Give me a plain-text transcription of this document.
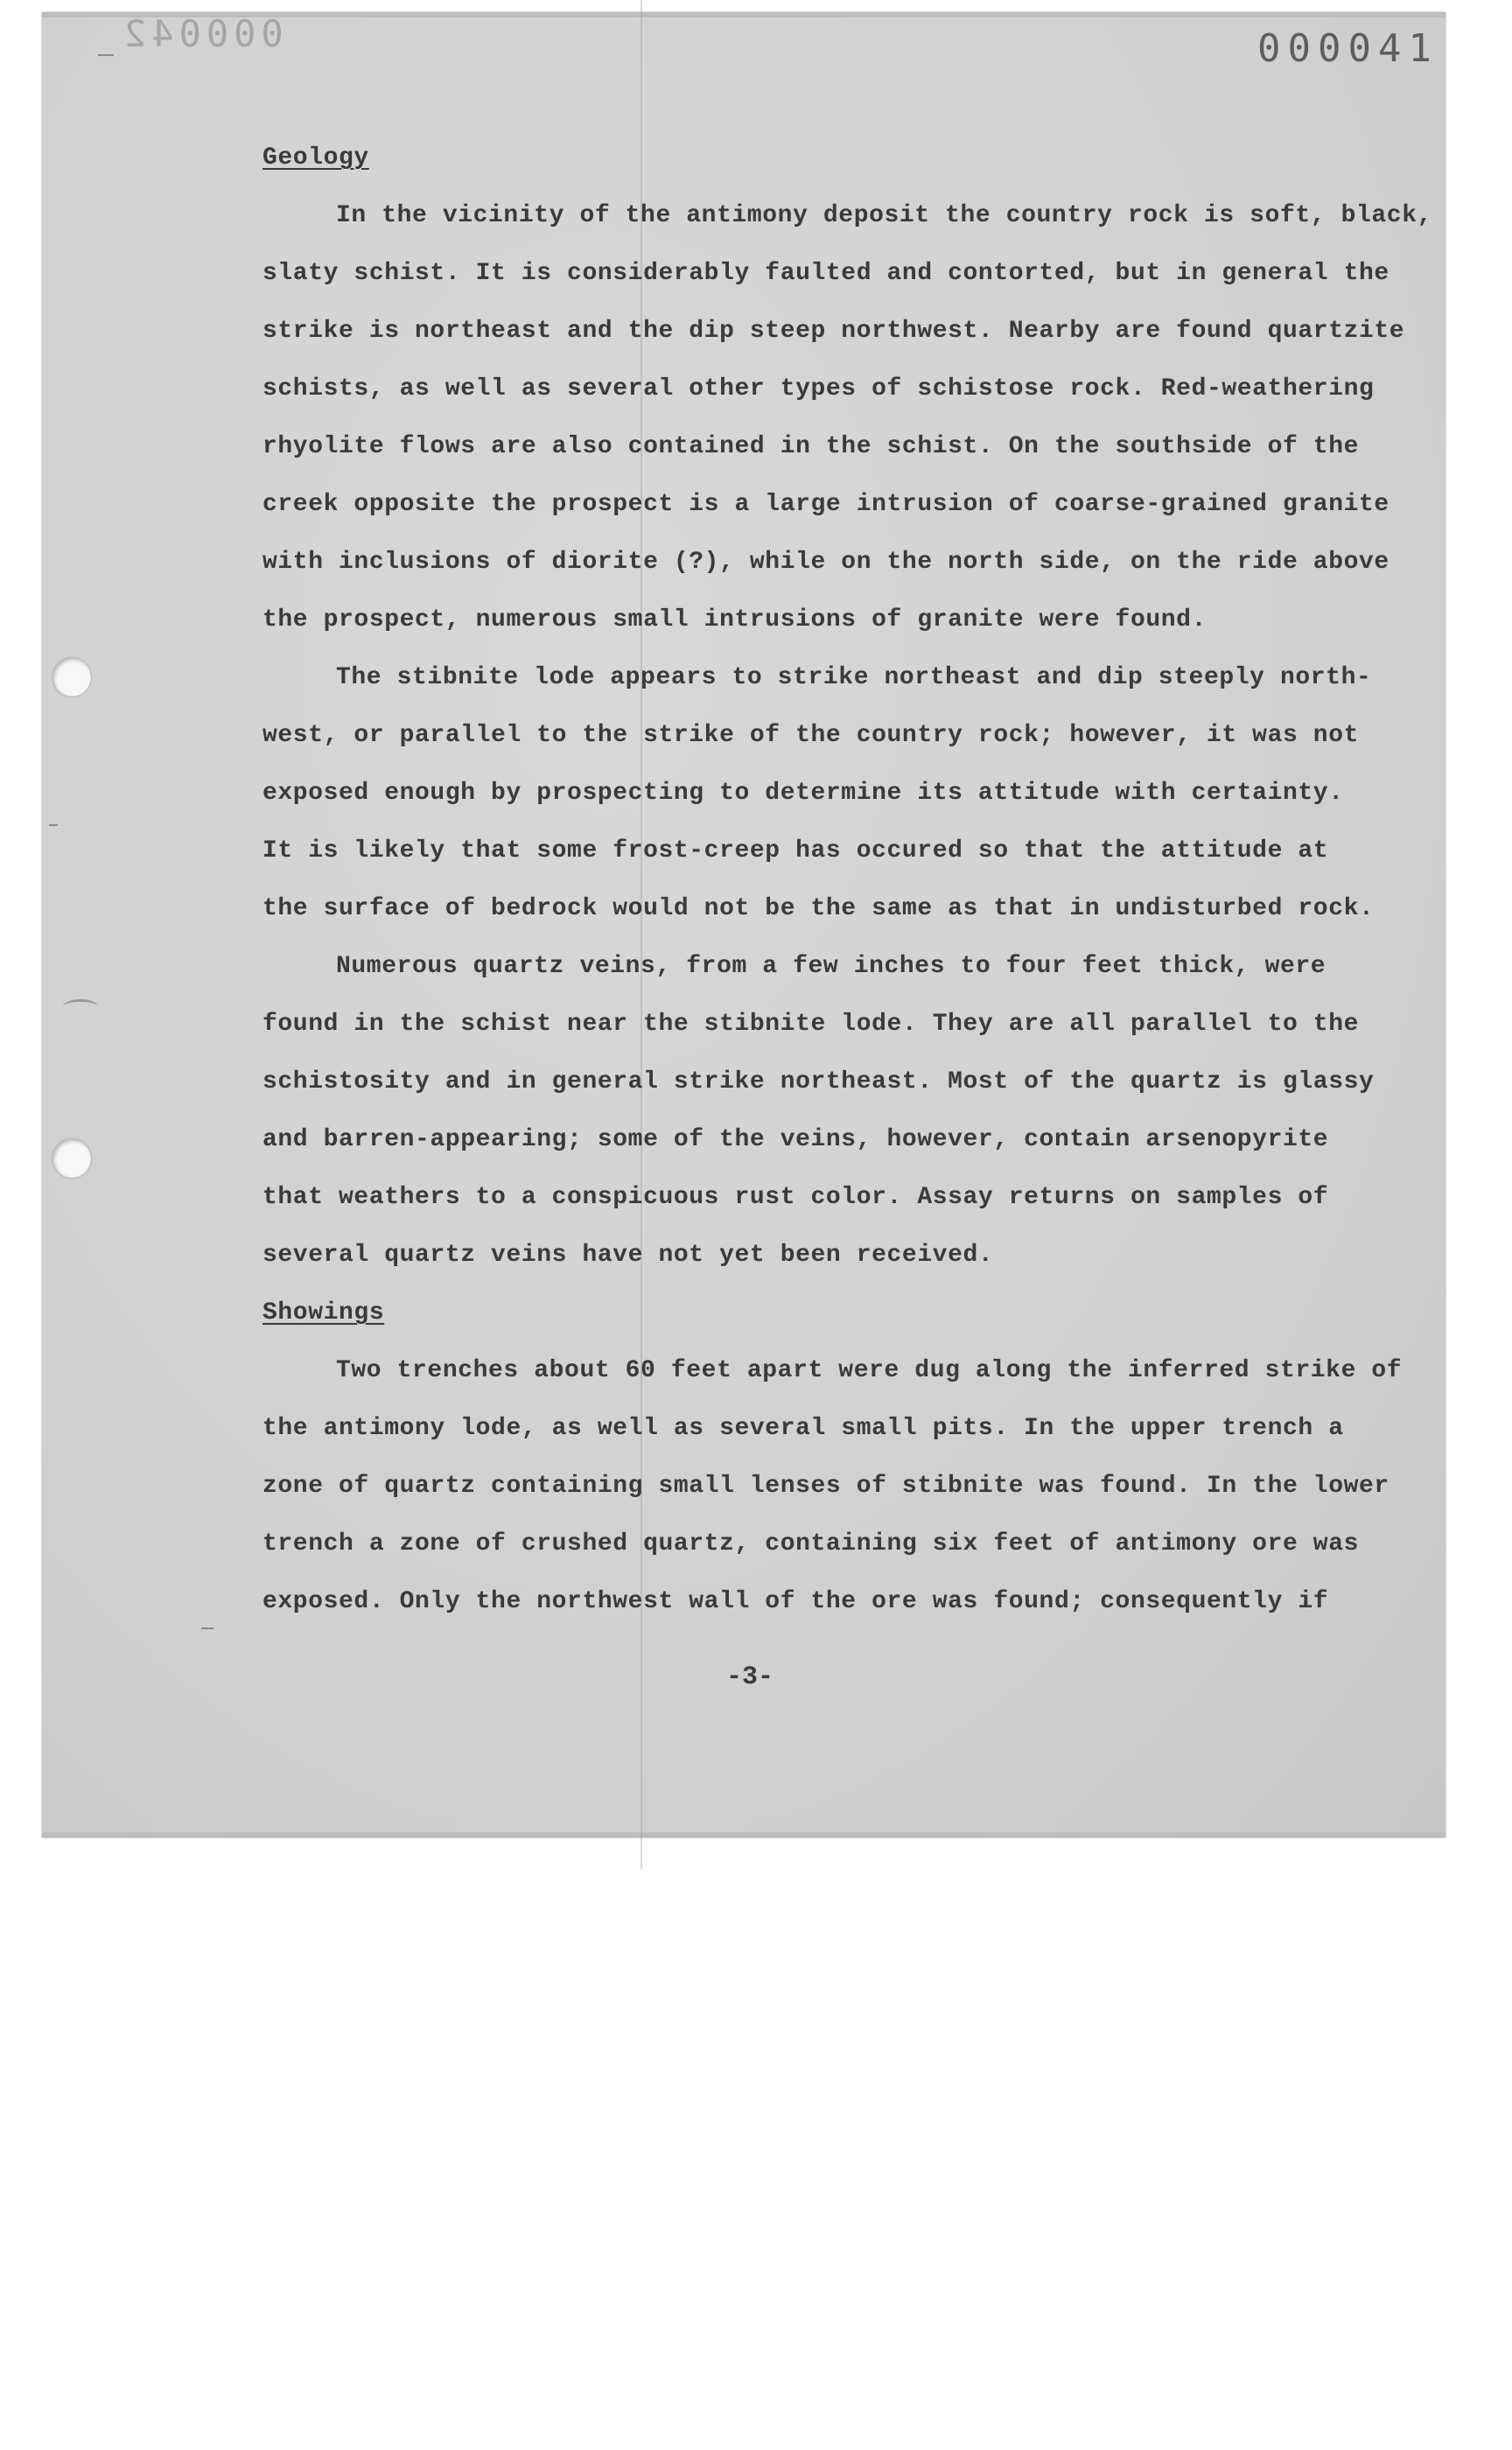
000042	000041
Geology
In the vicinity of the antimony deposit the country rock is soft, black,
slaty schist. It is considerably faulted and contorted, but in general the
strike is northeast and the dip steep northwest. Nearby are found quartzite
schists, as well as several other types of schistose rock. Red-weathering
rhyolite flows are also contained in the schist. On the southside of the
creek opposite the prospect is a large intrusion of coarse-grained granite
with inclusions of diorite (?), while on the north side, on the ride above
the prospect, numerous small intrusions of granite were found.
The stibnite lode appears to strike northeast and dip steeply north-
west, or parallel to the strike of the country rock; however, it was not
exposed enough by prospecting to determine its attitude with certainty.
It is likely that some frost-creep has occured so that the attitude at
the surface of bedrock would not be the same as that in undisturbed rock.
Numerous quartz veins, from a few inches to four feet thick, were
found in the schist near the stibnite lode. They are all parallel to the
schistosity and in general strike northeast. Most of the quartz is glassy
and barren-appearing; some of the veins, however, contain arsenopyrite
that weathers to a conspicuous rust color. Assay returns on samples of
several quartz veins have not yet been received.
Showings
Two trenches about 60 feet apart were dug along the inferred strike of
the antimony lode, as well as several small pits. In the upper trench a
zone of quartz containing small lenses of stibnite was found. In the lower
trench a zone of crushed quartz, containing six feet of antimony ore was
exposed. Only the northwest wall of the ore was found; consequently if
-3-
